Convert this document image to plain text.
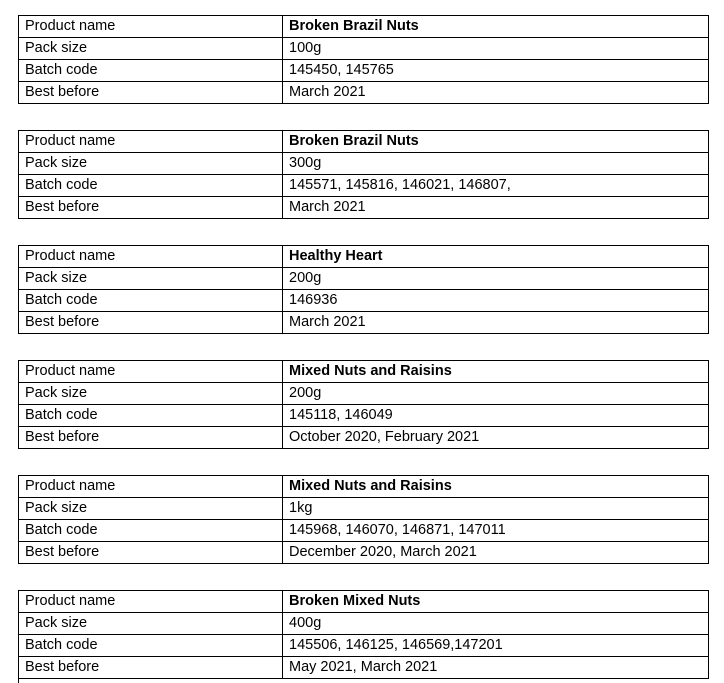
Product name	Broken Brazil Nuts
Pack size	100g
Batch code	145450, 145765
Best before	March 2021
Product name	Broken Brazil Nuts
Pack size	300g
Batch code	145571, 145816, 146021, 146807,
Best before	March 2021
Product name	Healthy Heart
Pack size	200g
Batch code	146936
Best before	March 2021
Product name	Mixed Nuts and Raisins
Pack size	200g
Batch code	145118, 146049
Best before	October 2020, February 2021
Product name	Mixed Nuts and Raisins
Pack size	1kg
Batch code	145968, 146070, 146871, 147011
Best before	December 2020, March 2021
Product name	Broken Mixed Nuts
Pack size	400g
Batch code	145506, 146125, 146569,147201
Best before	May 2021, March 2021
